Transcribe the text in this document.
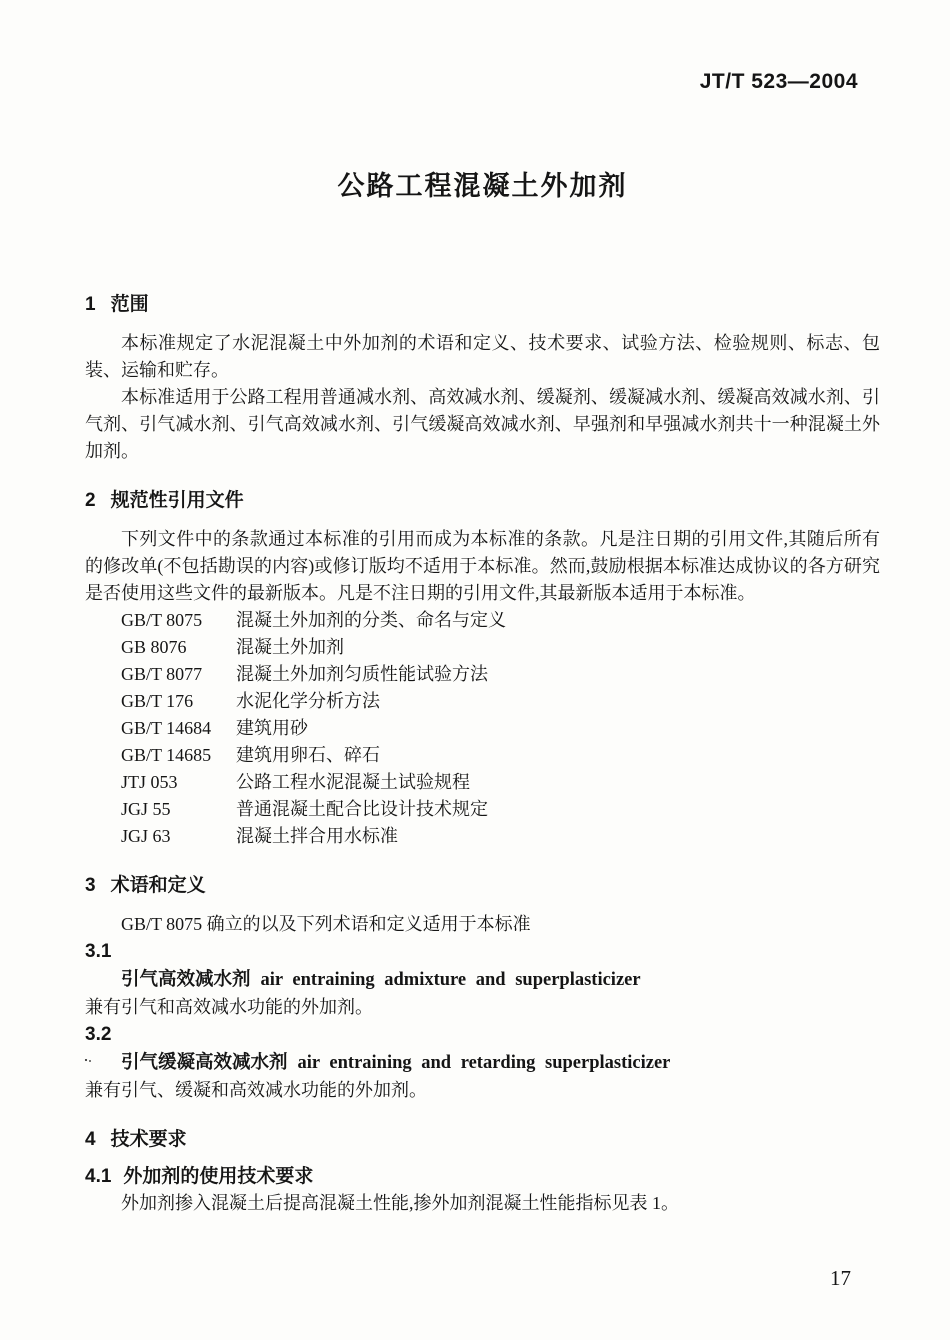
JT/T 523—2004
公路工程混凝土外加剂
1 范围

本标准规定了水泥混凝土中外加剂的术语和定义、技术要求、试验方法、检验规则、标志、包装、运输和贮存。

本标准适用于公路工程用普通减水剂、高效减水剂、缓凝剂、缓凝减水剂、缓凝高效减水剂、引气剂、引气减水剂、引气高效减水剂、引气缓凝高效减水剂、早强剂和早强减水剂共十一种混凝土外加剂。

2 规范性引用文件

下列文件中的条款通过本标准的引用而成为本标准的条款。凡是注日期的引用文件,其随后所有的修改单(不包括勘误的内容)或修订版均不适用于本标准。然而,鼓励根据本标准达成协议的各方研究是否使用这些文件的最新版本。凡是不注日期的引用文件,其最新版本适用于本标准。

GB/T 8075 混凝土外加剂的分类、命名与定义
GB 8076	混凝土外加剂
GB/T 8077 混凝土外加剂匀质性能试验方法
GB/T 176 水泥化学分析方法
GB/T 14684 建筑用砂
GB/T 14685 建筑用卵石、碎石
JTJ 053	公路工程水泥混凝土试验规程
JGJ 55	普通混凝土配合比设计技术规定
JGJ 63	混凝土拌合用水标准
3 术语和定义

GB/T 8075 确立的以及下列术语和定义适用于本标准

3.1
引气高效减水剂 air entraining admixture and superplasticizer

兼有引气和高效减水功能的外加剂。

3.2
引气缓凝高效减水剂 air entraining and retarding superplasticizer

兼有引气、缓凝和高效减水功能的外加剂。

4 技术要求
4.1 外加剂的使用技术要求

外加剂掺入混凝土后提高混凝土性能,掺外加剂混凝土性能指标见表 1。

17
